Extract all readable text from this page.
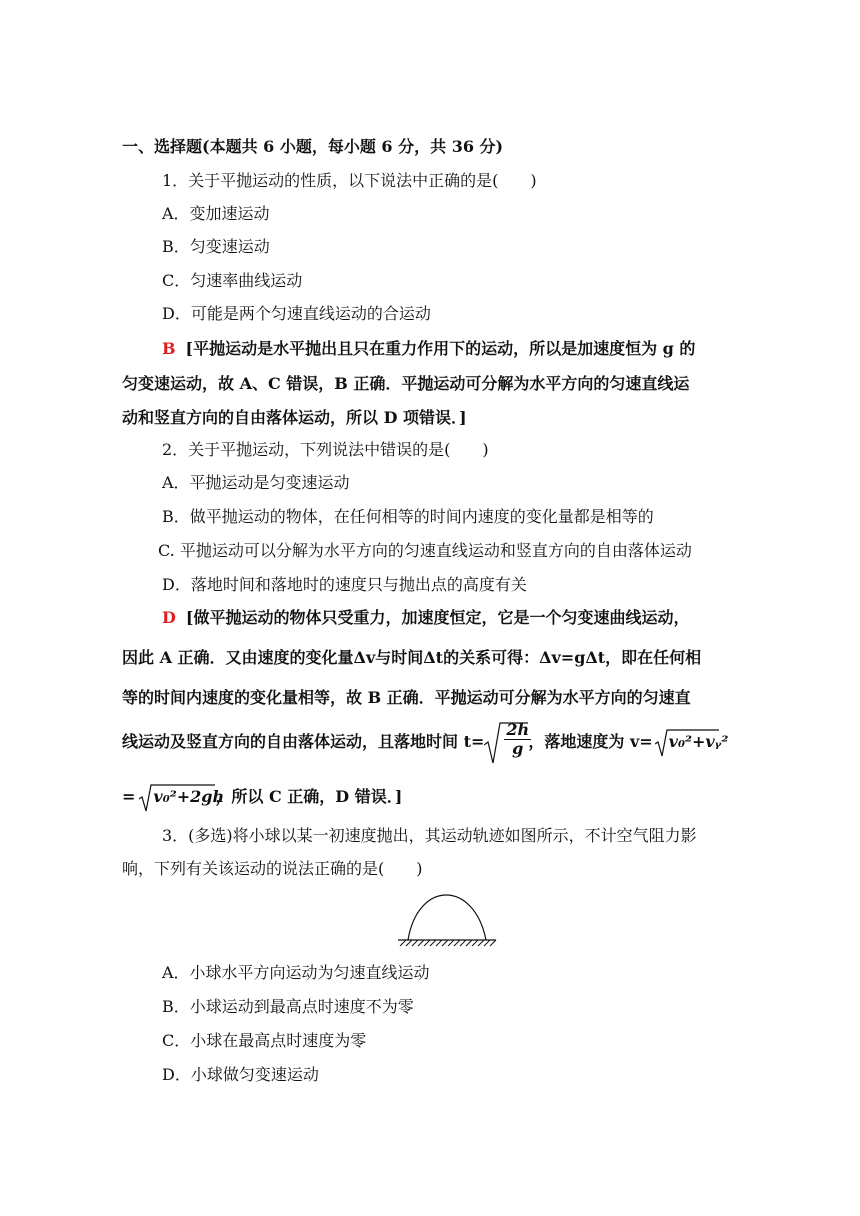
一、选择题(本题共 6 小题，每小题 6 分，共 36 分)
1．关于平抛运动的性质，以下说法中正确的是(　　)
A．变加速运动
B．匀变速运动
C．匀速率曲线运动
D．可能是两个匀速直线运动的合运动
B [平抛运动是水平抛出且只在重力作用下的运动，所以是加速度恒为 g 的
匀变速运动，故 A、C 错误，B 正确．平抛运动可分解为水平方向的匀速直线运
动和竖直方向的自由落体运动，所以 D 项错误．]
2．关于平抛运动，下列说法中错误的是(　　)
A．平抛运动是匀变速运动
B．做平抛运动的物体，在任何相等的时间内速度的变化量都是相等的
C. 平抛运动可以分解为水平方向的匀速直线运动和竖直方向的自由落体运动
D．落地时间和落地时的速度只与抛出点的高度有关
D [做平抛运动的物体只受重力，加速度恒定，它是一个匀变速曲线运动，
因此 A 正确．又由速度的变化量Δv与时间Δt的关系可得：Δv=gΔt，即在任何相
等的时间内速度的变化量相等，故 B 正确．平抛运动可分解为水平方向的匀速直
线运动及竖直方向的自由落体运动，且落地时间 $t= \frac{2h}{g}$
，落地速度为 v= v₀²+vᵧ²
= v₀²+2gh
，所以 C 正确，D 错误．]
3．(多选)将小球以某一初速度抛出，其运动轨迹如图所示，不计空气阻力影
响，下列有关该运动的说法正确的是(　　)
A．小球水平方向运动为匀速直线运动
B．小球运动到最高点时速度不为零
C．小球在最高点时速度为零
D．小球做匀变速运动
